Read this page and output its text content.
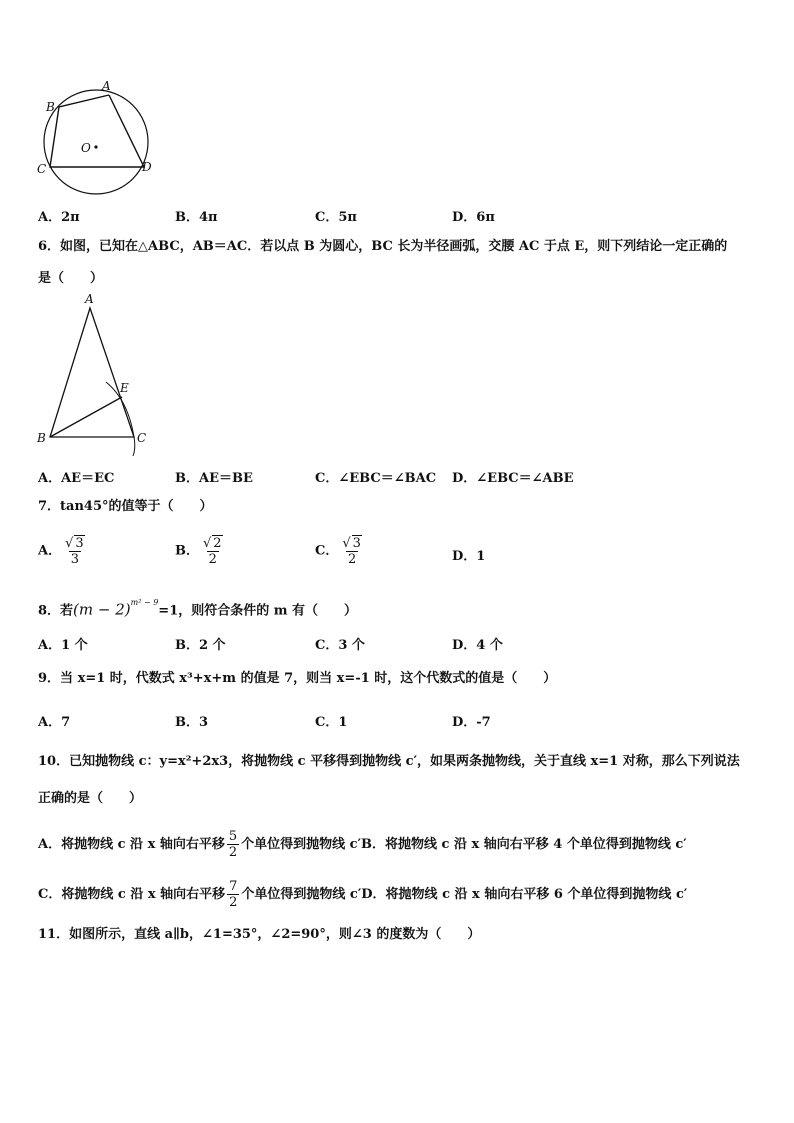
A
B
C	D
O
A．2π	B．4π	C．5π	D．6π
6．如图，已知在△ABC，AB＝AC．若以点 B 为圆心，BC 长为半径画弧，交腰 AC 于点 E，则下列结论一定正确的
是（　　）
A
B	C
E
A．AE＝EC	B．AE＝BE	C．∠EBC＝∠BAC D．∠EBC＝∠ABE
7．tan45°的值等于（　　）
A． $\frac{√ 3}{3}$	B． $\frac{√ 2}{2}$	C． $\frac{√ 3}{2}$	D．1
8．若$(m - 2)^{m^2 - 9}=1$，则符合条件的 m 有（　　）
A．1 个	B．2 个	C．3 个	D．4 个
9．当 x=1 时，代数式 x³+x+m 的值是 7，则当 x=-1 时，这个代数式的值是（　　）
A．7	B．3	C．1	D．-7
10．已知抛物线 c：y=x²+2x3，将抛物线 c 平移得到抛物线 c′，如果两条抛物线，关于直线 x=1 对称，那么下列说法
正确的是（　　）
A．将抛物线 c 沿 x 轴向右平移 $\frac{5}{2}$ 个单位得到抛物线 c′B．将抛物线 c 沿 x 轴向右平移 4 个单位得到抛物线 c′
C．将抛物线 c 沿 x 轴向右平移 $\frac{7}{2}$ 个单位得到抛物线 c′D．将抛物线 c 沿 x 轴向右平移 6 个单位得到抛物线 c′
11．如图所示，直线 a∥b，∠1=35°，∠2=90°，则∠3 的度数为（　　）
